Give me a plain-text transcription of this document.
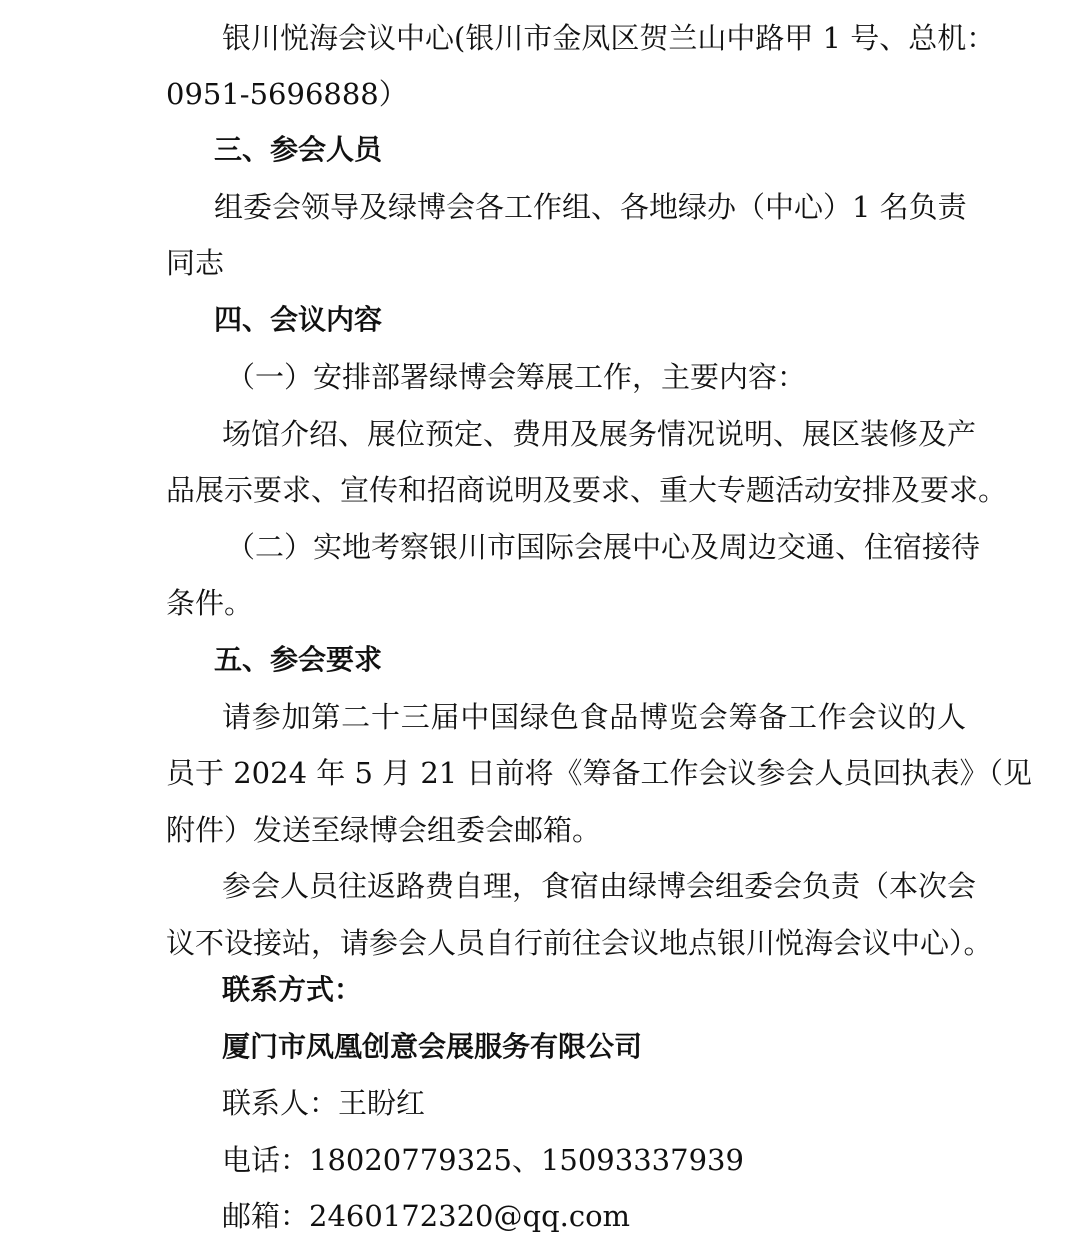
银川悦海会议中心(银川市金凤区贺兰山中路甲 1 号、总机：
0951-5696888）
三、参会人员
组委会领导及绿博会各工作组、各地绿办（中心）1 名负责
同志
四、会议内容
（一）安排部署绿博会筹展工作，主要内容：
场馆介绍、展位预定、费用及展务情况说明、展区装修及产
品展示要求、宣传和招商说明及要求、重大专题活动安排及要求。
（二）实地考察银川市国际会展中心及周边交通、住宿接待
条件。
五、参会要求
请参加第二十三届中国绿色食品博览会筹备工作会议的人
员于 2024 年 5 月 21 日前将《筹备工作会议参会人员回执表》（见
附件）发送至绿博会组委会邮箱。
参会人员往返路费自理，食宿由绿博会组委会负责（本次会
议不设接站，请参会人员自行前往会议地点银川悦海会议中心）。
联系方式：
厦门市凤凰创意会展服务有限公司
联系人：王盼红
电话：18020779325、15093337939
邮箱：2460172320@qq.com
